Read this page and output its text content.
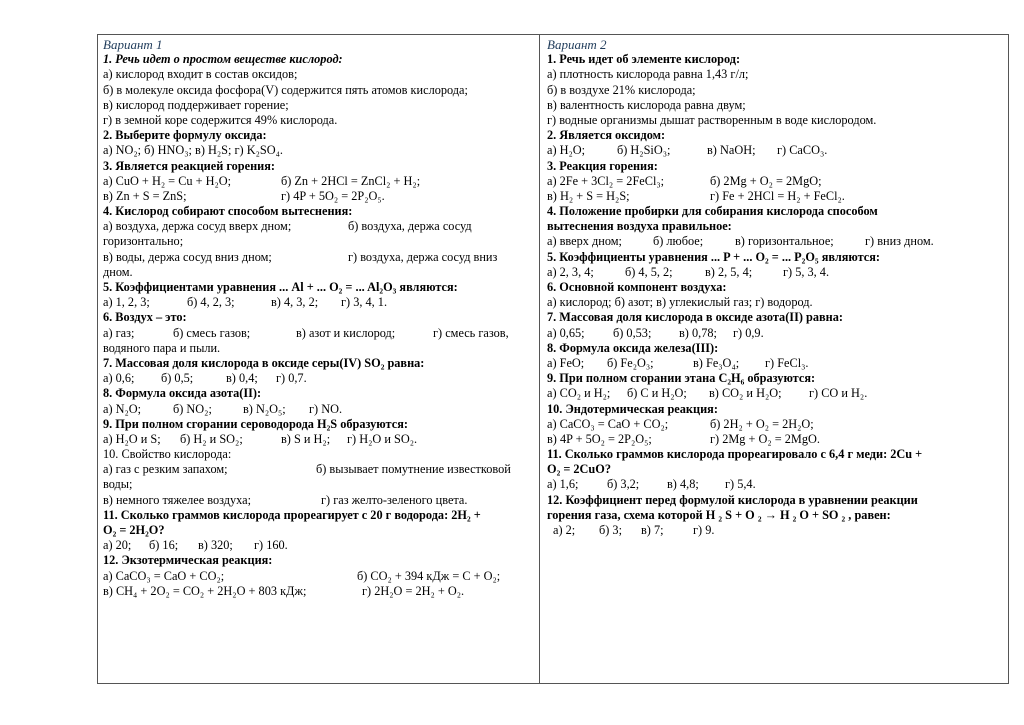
Вариант 1
1. Речь идет о простом веществе кислород:
а) кислород входит в состав оксидов;
б) в молекуле оксида фосфора(V) содержится пять атомов кислорода;
в) кислород поддерживает горение;
г) в земной коре содержится 49% кислорода.
2. Выберите формулу оксида:
а) NO₂; б) HNO₃; в) H₂S; г) K₂SO₄.
3. Является реакцией горения:
а) CuO + H₂ = Cu + H₂O;	б) Zn + 2HCl = ZnCl₂ + H₂;
в) Zn + S = ZnS;	г) 4P + 5O₂ = 2P₂O₅.
4. Кислород собирают способом вытеснения:
а) воздуха, держа сосуд вверх дном;	б) воздуха, держа сосуд
горизонтально;
в) воды, держа сосуд вниз дном;	г) воздуха, держа сосуд вниз
дном.
5. Коэффициентами уравнения ... Al + ... O₂ = ... Al₂O₃ являются:
а) 1, 2, 3;	б) 4, 2, 3;	в) 4, 3, 2; г) 3, 4, 1.
6. Воздух – это:
а) газ;	б) смесь газов;	в) азот и кислород;	г) смесь газов,
водяного пара и пыли.
7. Массовая доля кислорода в оксиде серы(IV) SO₂ равна:
а) 0,6; б) 0,5;	в) 0,4; г) 0,7.
8. Формула оксида азота(II):
а) N₂O;	б) NO₂;	в) N₂O₅; г) NO.
9. При полном сгорании сероводорода H₂S образуются:
а) H₂O и S; б) H₂ и SO₂;	в) S и H₂; г) H₂O и SO₂.
10. Свойство кислорода:
а) газ с резким запахом;	б) вызывает помутнение известковой
воды;
в) немного тяжелее воздуха;	г) газ желто-зеленого цвета.
11. Сколько граммов кислорода прореагирует с 20 г водорода: 2H₂ +
O₂ = 2H₂O?
а) 20; б) 16; в) 320; г) 160.
12. Экзотермическая реакция:
а) CaCO₃ = CaO + CO₂;	б) CO₂ + 394 кДж = C + O₂;
в) CH₄ + 2O₂ = CO₂ + 2H₂O + 803 кДж;	г) 2H₂O = 2H₂ + O₂.
Вариант 2
1. Речь идет об элементе кислород:
а) плотность кислорода равна 1,43 г/л;
б) в воздухе 21% кислорода;
в) валентность кислорода равна двум;
г) водные организмы дышат растворенным в воде кислородом.
2. Является оксидом:
а) H₂O;	б) H₂SiO₃;	в) NaOH; г) CaCO₃.
3. Реакция горения:
а) 2Fe + 3Cl₂ = 2FeCl₃;	б) 2Mg + O₂ = 2MgO;
в) H₂ + S = H₂S;	г) Fe + 2HCl = H₂ + FeCl₂.
4. Положение пробирки для собирания кислорода способом
вытеснения воздуха правильное:
а) вверх дном;	б) любое;	в) горизонтальное;	г) вниз дном.
5. Коэффициенты уравнения ... P + ... O₂ = ... P₂O₅ являются:
а) 2, 3, 4;	б) 4, 5, 2;	в) 2, 5, 4;	г) 5, 3, 4.
6. Основной компонент воздуха:
а) кислород; б) азот; в) углекислый газ; г) водород.
7. Массовая доля кислорода в оксиде азота(II) равна:
а) 0,65; б) 0,53; в) 0,78; г) 0,9.
8. Формула оксида железа(III):
а) FeO; б) Fe₂O₃;	в) Fe₃O₄; г) FeCl₃.
9. При полном сгорании этана C₂H₆ образуются:
а) CO₂ и H₂; б) C и H₂O; в) CO₂ и H₂O; г) CO и H₂.
10. Эндотермическая реакция:
а) CaCO₃ = CaO + CO₂;	б) 2H₂ + O₂ = 2H₂O;
в) 4P + 5O₂ = 2P₂O₅;	г) 2Mg + O₂ = 2MgO.
11. Сколько граммов кислорода прореагировало с 6,4 г меди: 2Cu +
O₂ = 2CuO?
а) 1,6; б) 3,2; в) 4,8; г) 5,4.
12. Коэффициент перед формулой кислорода в уравнении реакции
горения газа, схема которой H ₂ S + O ₂ → H ₂ O + SO ₂ , равен:
а) 2; б) 3; в) 7; г) 9.
